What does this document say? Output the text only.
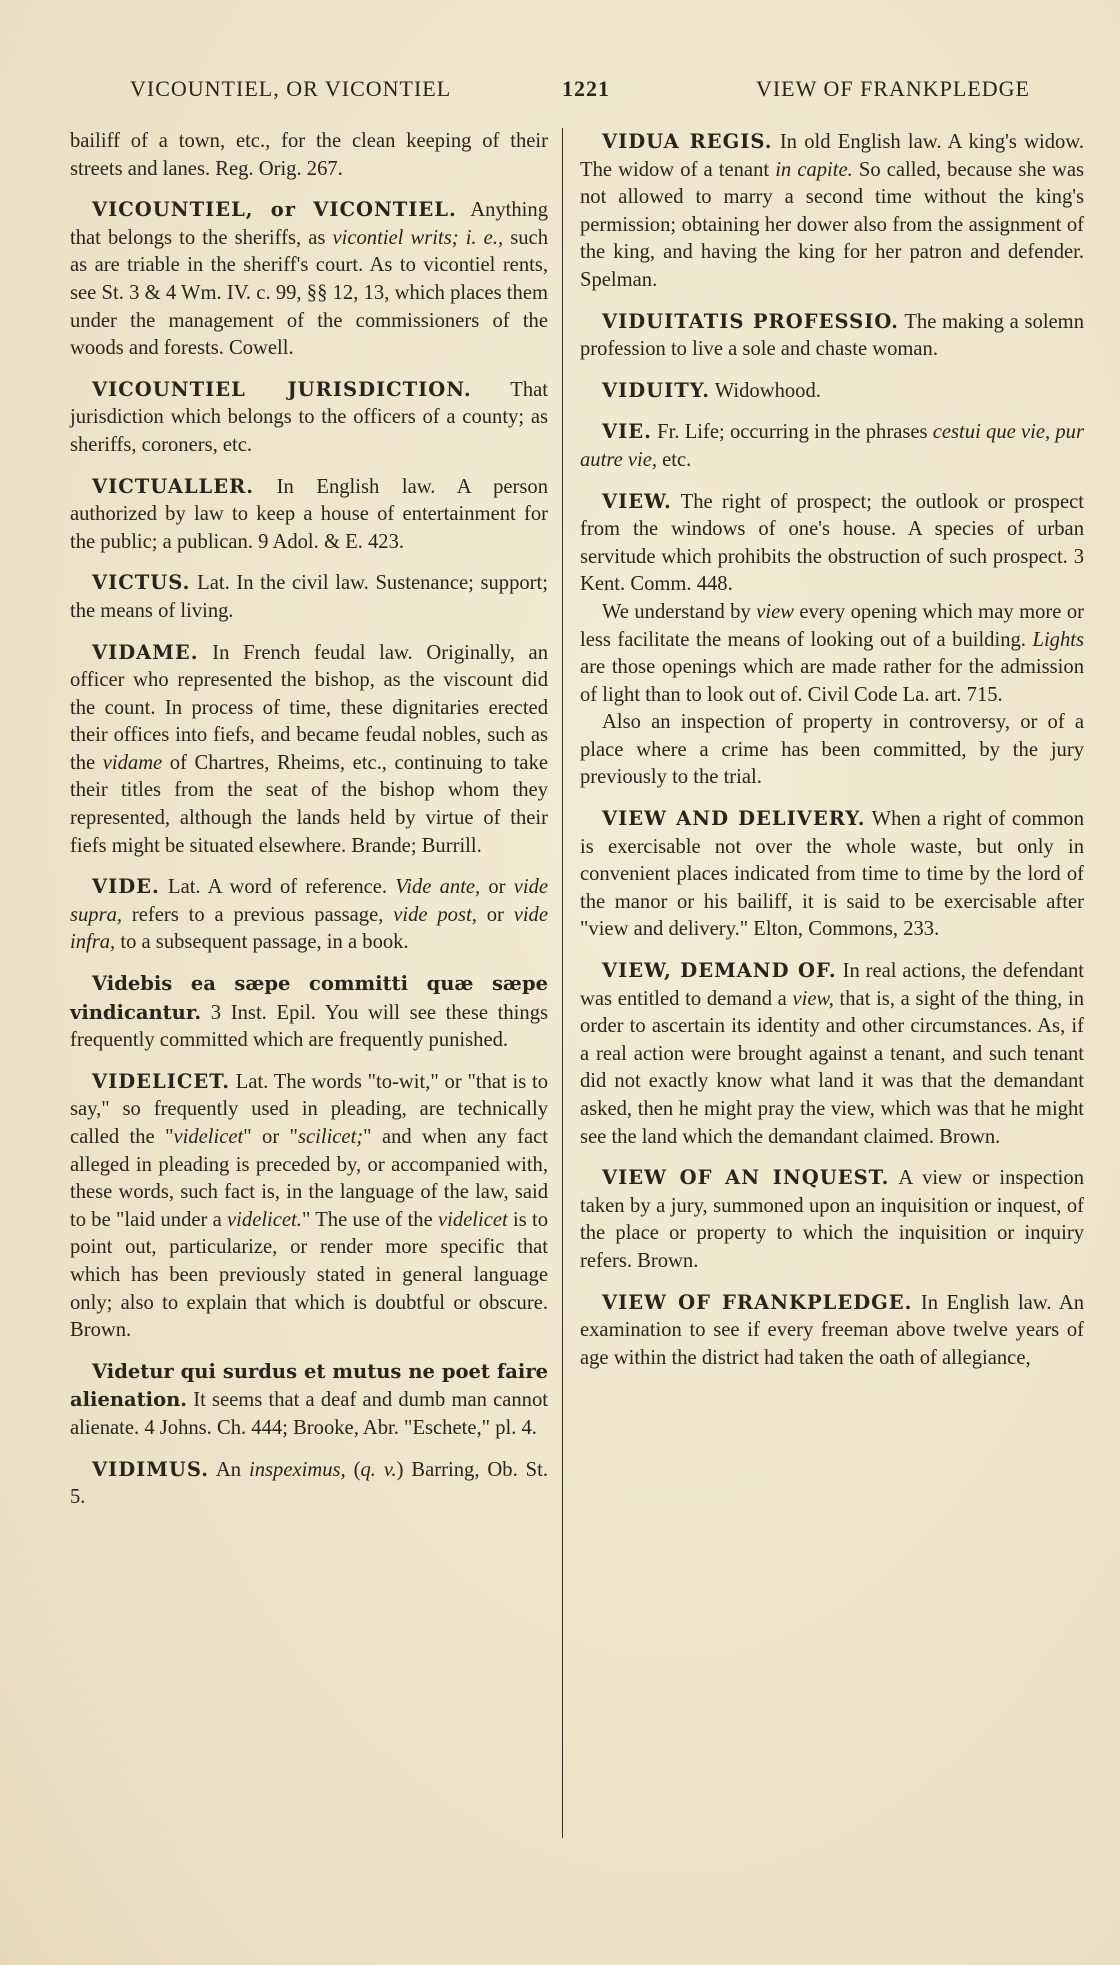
VICOUNTIEL, OR VICONTIEL	1221	VIEW OF FRANKPLEDGE

bailiff of a town, etc., for the clean keeping of their streets and lanes. Reg. Orig. 267.

VICOUNTIEL, or VICONTIEL. Anything that belongs to the sheriffs, as vicontiel writs; i. e., such as are triable in the sheriff's court. As to vicontiel rents, see St. 3 & 4 Wm. IV. c. 99, §§ 12, 13, which places them under the management of the commissioners of the woods and forests. Cowell.

VICOUNTIEL JURISDICTION. That jurisdiction which belongs to the officers of a county; as sheriffs, coroners, etc.

VICTUALLER. In English law. A person authorized by law to keep a house of entertainment for the public; a publican. 9 Adol. & E. 423.

VICTUS. Lat. In the civil law. Sustenance; support; the means of living.

VIDAME. In French feudal law. Originally, an officer who represented the bishop, as the viscount did the count. In process of time, these dignitaries erected their offices into fiefs, and became feudal nobles, such as the vidame of Chartres, Rheims, etc., continuing to take their titles from the seat of the bishop whom they represented, although the lands held by virtue of their fiefs might be situated elsewhere. Brande; Burrill.

VIDE. Lat. A word of reference. Vide ante, or vide supra, refers to a previous passage, vide post, or vide infra, to a subsequent passage, in a book.

Videbis ea sæpe committi quæ sæpe vindicantur. 3 Inst. Epil. You will see these things frequently committed which are frequently punished.

VIDELICET. Lat. The words "to-wit," or "that is to say," so frequently used in pleading, are technically called the "videlicet" or "scilicet;" and when any fact alleged in pleading is preceded by, or accompanied with, these words, such fact is, in the language of the law, said to be "laid under a videlicet." The use of the videlicet is to point out, particularize, or render more specific that which has been previously stated in general language only; also to explain that which is doubtful or obscure. Brown.

Videtur qui surdus et mutus ne poet faire alienation. It seems that a deaf and dumb man cannot alienate. 4 Johns. Ch. 444; Brooke, Abr. "Eschete," pl. 4.

VIDIMUS. An inspeximus, (q. v.) Barring, Ob. St. 5.

VIDUA REGIS. In old English law. A king's widow. The widow of a tenant in capite. So called, because she was not allowed to marry a second time without the king's permission; obtaining her dower also from the assignment of the king, and having the king for her patron and defender. Spelman.

VIDUITATIS PROFESSIO. The making a solemn profession to live a sole and chaste woman.

VIDUITY. Widowhood.

VIE. Fr. Life; occurring in the phrases cestui que vie, pur autre vie, etc.

VIEW. The right of prospect; the outlook or prospect from the windows of one's house. A species of urban servitude which prohibits the obstruction of such prospect. 3 Kent. Comm. 448.

We understand by view every opening which may more or less facilitate the means of looking out of a building. Lights are those openings which are made rather for the admission of light than to look out of. Civil Code La. art. 715.

Also an inspection of property in controversy, or of a place where a crime has been committed, by the jury previously to the trial.

VIEW AND DELIVERY. When a right of common is exercisable not over the whole waste, but only in convenient places indicated from time to time by the lord of the manor or his bailiff, it is said to be exercisable after "view and delivery." Elton, Commons, 233.

VIEW, DEMAND OF. In real actions, the defendant was entitled to demand a view, that is, a sight of the thing, in order to ascertain its identity and other circumstances. As, if a real action were brought against a tenant, and such tenant did not exactly know what land it was that the demandant asked, then he might pray the view, which was that he might see the land which the demandant claimed. Brown.

VIEW OF AN INQUEST. A view or inspection taken by a jury, summoned upon an inquisition or inquest, of the place or property to which the inquisition or inquiry refers. Brown.

VIEW OF FRANKPLEDGE. In English law. An examination to see if every freeman above twelve years of age within the district had taken the oath of allegiance,
